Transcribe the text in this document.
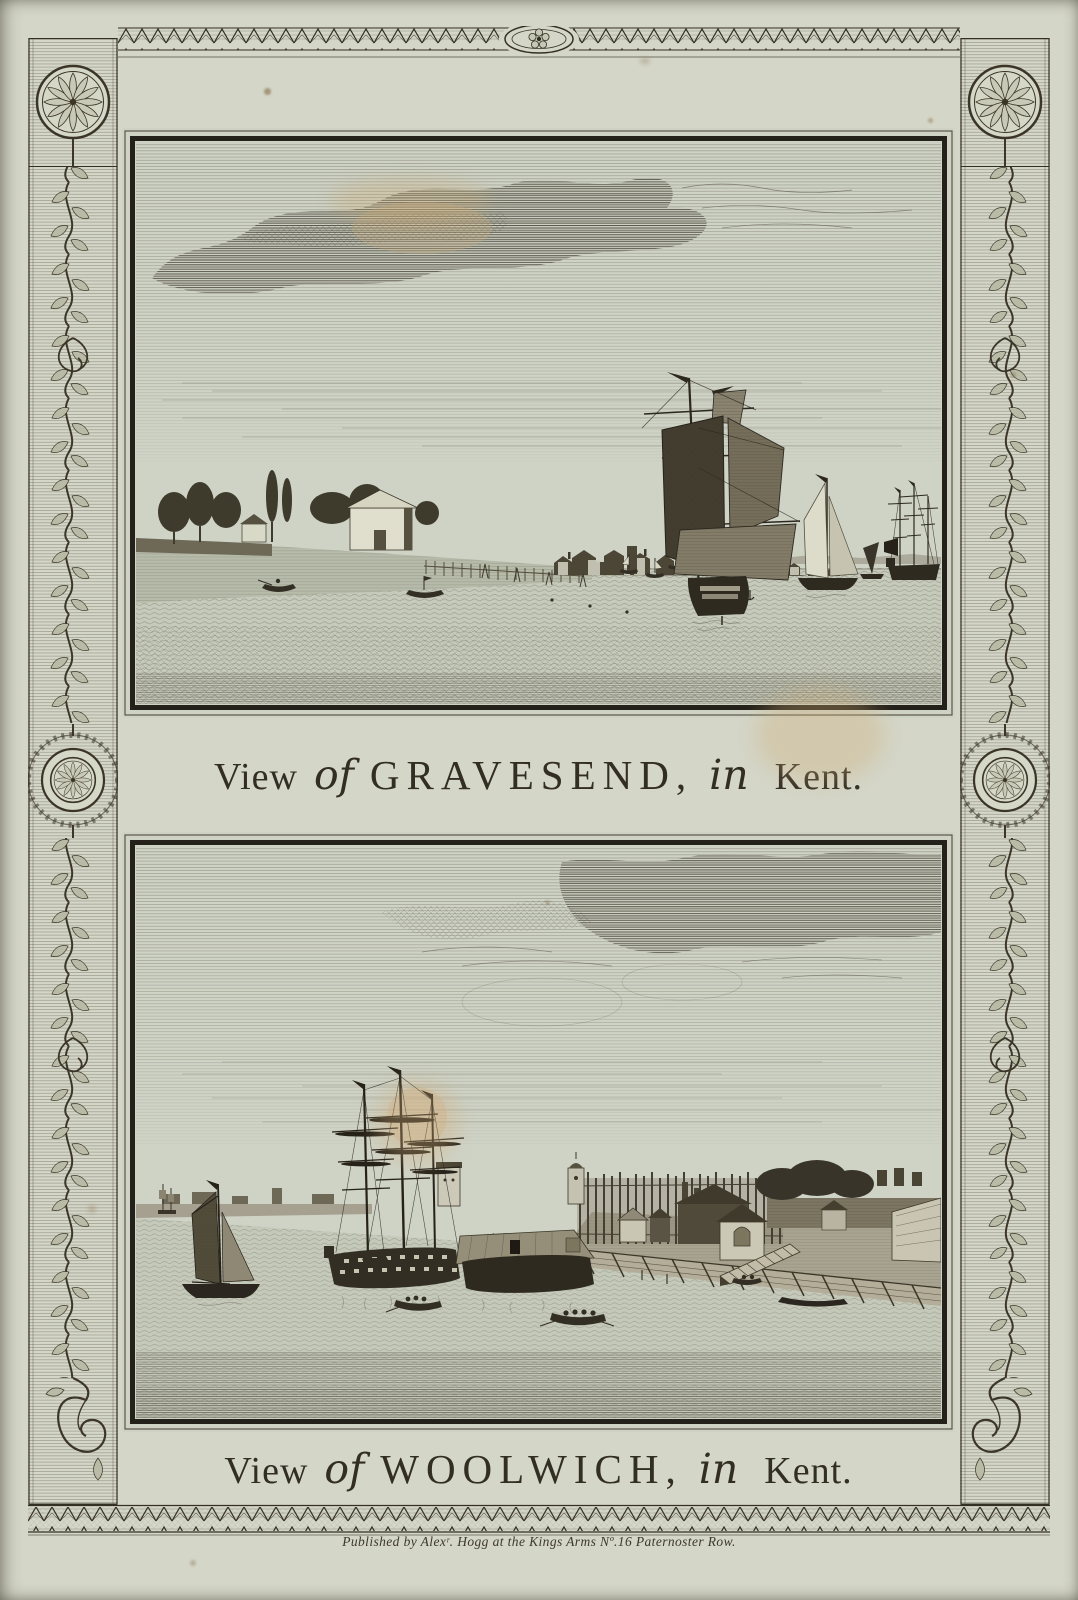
View of GRAVESEND, in Kent.
View of WOOLWICH, in Kent.
Published by Alexʳ. Hogg at the Kings Arms Nº.16 Paternoster Row.
